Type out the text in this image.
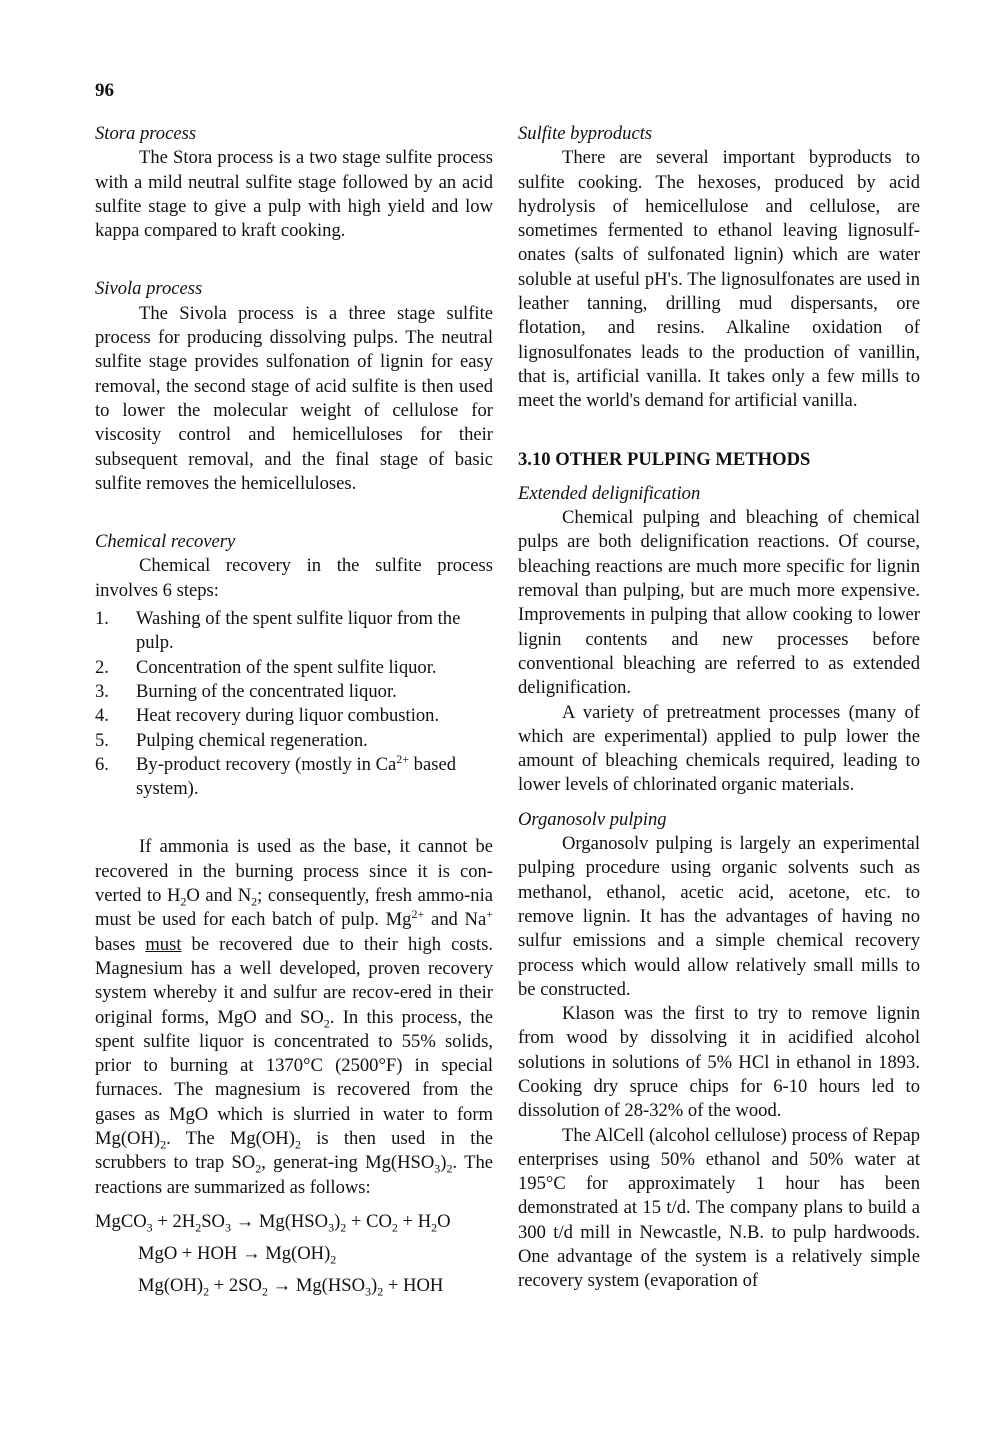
96

Stora process

The Stora process is a two stage sulfite process with a mild neutral sulfite stage followed by an acid sulfite stage to give a pulp with high yield and low kappa compared to kraft cooking.

Sivola process

The Sivola process is a three stage sulfite process for producing dissolving pulps. The neutral sulfite stage provides sulfonation of lignin for easy removal, the second stage of acid sulfite is then used to lower the molecular weight of cellulose for viscosity control and hemicelluloses for their subsequent removal, and the final stage of basic sulfite removes the hemicelluloses.

Chemical recovery

Chemical recovery in the sulfite process involves 6 steps:

1. Washing of the spent sulfite liquor from the pulp.
2. Concentration of the spent sulfite liquor.
3. Burning of the concentrated liquor.
4. Heat recovery during liquor combustion.
5. Pulping chemical regeneration.
6. By-product recovery (mostly in $Ca^{2+}$ based system).

If ammonia is used as the base, it cannot be recovered in the burning process since it is con-verted to $H_2O$ and $N_2$; consequently, fresh ammo-nia must be used for each batch of pulp. $Mg^{2+}$ and Na+ bases must be recovered due to their high costs. Magnesium has a well developed, proven recovery system whereby it and sulfur are recov-ered in their original forms, MgO and $SO_2$. In this process, the spent sulfite liquor is concentrated to 55% solids, prior to burning at 1370°C (2500°F) in special furnaces. The magnesium is recovered from the gases as MgO which is slurried in water to form $Mg(OH)_2$. The $Mg(OH)_2$ is then used in the scrubbers to trap $SO_2$, generat-ing $Mg(HSO_3)_2$. The reactions are summarized as follows:

MgCO$_3$ + $2H_2SO_3 \to Mg(HSO_3)_2 + CO_2 + H_2O$

MgO + HOH → $Mg(OH)_2$

$Mg(OH)_2 + 2SO_2 \to Mg(HSO_3)_2$ + HOH

Sulfite byproducts

There are several important byproducts to sulfite cooking. The hexoses, produced by acid hydrolysis of hemicellulose and cellulose, are sometimes fermented to ethanol leaving lignosulf-onates (salts of sulfonated lignin) which are water soluble at useful pH's. The lignosulfonates are used in leather tanning, drilling mud dispersants, ore flotation, and resins. Alkaline oxidation of lignosulfonates leads to the production of vanillin, that is, artificial vanilla. It takes only a few mills to meet the world's demand for artificial vanilla.

3.10 OTHER PULPING METHODS

Extended delignification

Chemical pulping and bleaching of chemical pulps are both delignification reactions. Of course, bleaching reactions are much more specific for lignin removal than pulping, but are much more expensive. Improvements in pulping that allow cooking to lower lignin contents and new processes before conventional bleaching are referred to as extended delignification.

A variety of pretreatment processes (many of which are experimental) applied to pulp lower the amount of bleaching chemicals required, leading to lower levels of chlorinated organic materials.

Organosolv pulping

Organosolv pulping is largely an experimental pulping procedure using organic solvents such as methanol, ethanol, acetic acid, acetone, etc. to remove lignin. It has the advantages of having no sulfur emissions and a simple chemical recovery process which would allow relatively small mills to be constructed.

Klason was the first to try to remove lignin from wood by dissolving it in acidified alcohol solutions in solutions of 5% HCl in ethanol in 1893. Cooking dry spruce chips for 6-10 hours led to dissolution of 28-32% of the wood.

The AlCell (alcohol cellulose) process of Repap enterprises using 50% ethanol and 50% water at 195°C for approximately 1 hour has been demonstrated at 15 t/d. The company plans to build a 300 t/d mill in Newcastle, N.B. to pulp hardwoods. One advantage of the system is a relatively simple recovery system (evaporation of
